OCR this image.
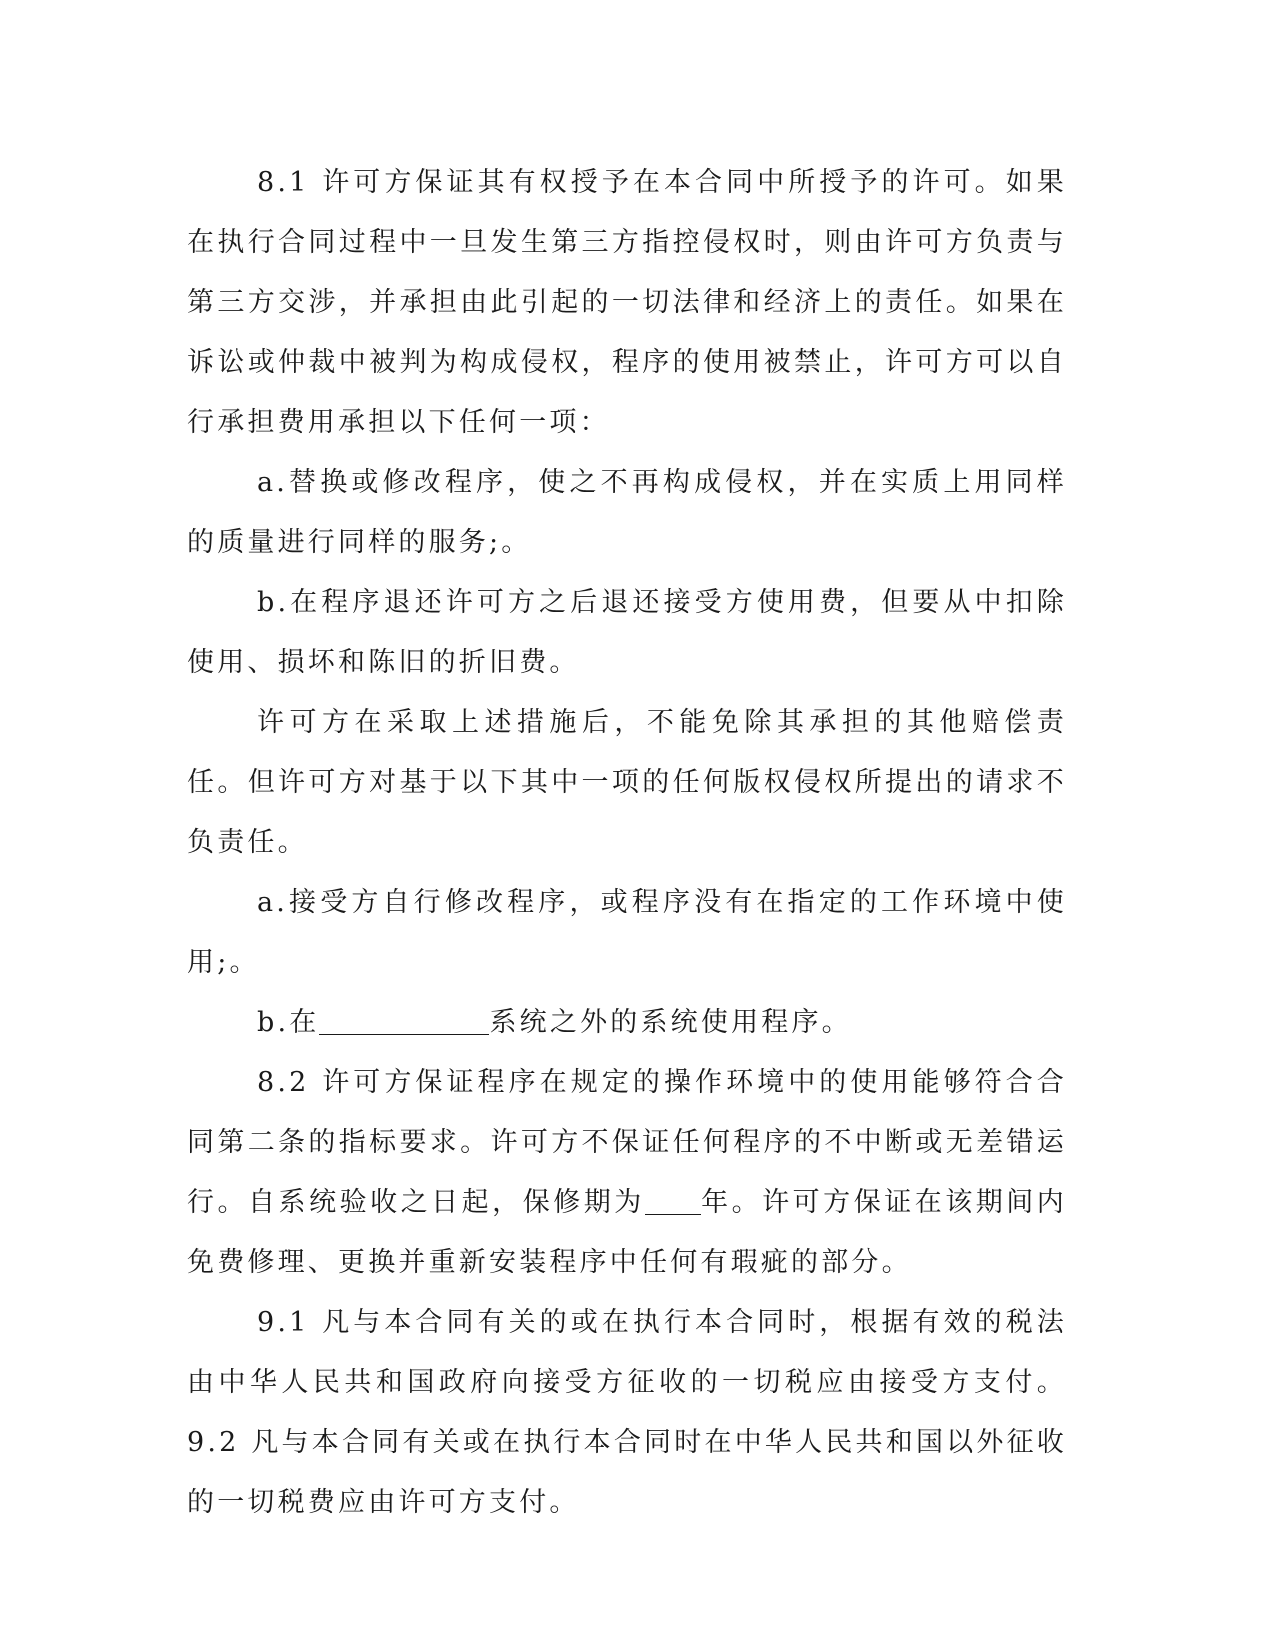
8.1 许可方保证其有权授予在本合同中所授予的许可。如果在执行合同过程中一旦发生第三方指控侵权时，则由许可方负责与第三方交涉，并承担由此引起的一切法律和经济上的责任。如果在诉讼或仲裁中被判为构成侵权，程序的使用被禁止，许可方可以自行承担费用承担以下任何一项：

a.替换或修改程序，使之不再构成侵权，并在实质上用同样的质量进行同样的服务;。

b.在程序退还许可方之后退还接受方使用费，但要从中扣除使用、损坏和陈旧的折旧费。

许可方在采取上述措施后，不能免除其承担的其他赔偿责任。但许可方对基于以下其中一项的任何版权侵权所提出的请求不负责任。

a.接受方自行修改程序，或程序没有在指定的工作环境中使用;。

b.在	系统之外的系统使用程序。

8.2 许可方保证程序在规定的操作环境中的使用能够符合合同第二条的指标要求。许可方不保证任何程序的不中断或无差错运行。自系统验收之日起，保修期为 年。许可方保证在该期间内免费修理、更换并重新安装程序中任何有瑕疵的部分。

9.1 凡与本合同有关的或在执行本合同时，根据有效的税法由中华人民共和国政府向接受方征收的一切税应由接受方支付。9.2 凡与本合同有关或在执行本合同时在中华人民共和国以外征收的一切税费应由许可方支付。
